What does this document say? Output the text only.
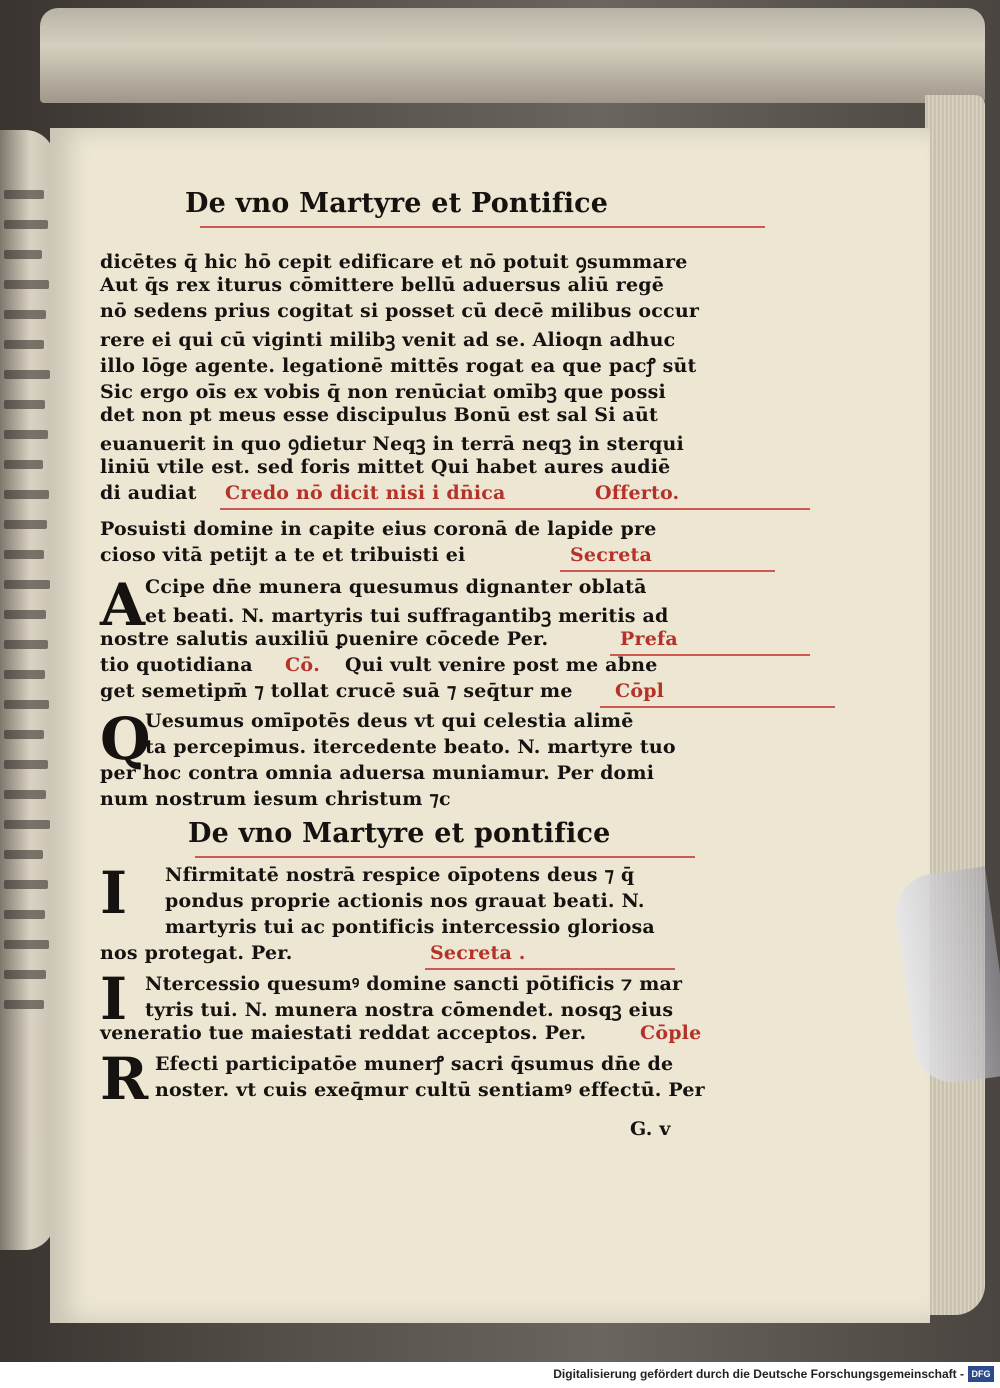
De vno Martyre et Pontifice
dicētes q̄ hic hō cepit edificare et nō potuit ꝯsummare
Aut q̄s rex iturus cōmittere bellū aduersus aliū regē
nō sedens prius cogitat si posset cū decē milibus occur
rere ei qui cū viginti milibꝫ venit ad se. Alioqn adhuc
illo lōge agente. legationē mittēs rogat ea que pacꝭ sūt
Sic ergo oīs ex vobis q̄ non renūciat omībꝫ que possi
det non pt meus esse discipulus Bonū est sal Si aūt
euanuerit in quo ꝯdietur Neqꝫ in terrā neqꝫ in sterqui
liniū vtile est. sed foris mittet Qui habet aures audiē
di audiat Credo nō dicit nisi i dn̄ica	Offerto.
Posuisti domine in capite eius coronā de lapide pre
cioso vitā petijt a te et tribuisti ei	Secreta
A Ccipe dn̄e munera quesumus dignanter oblatā
et beati. N. martyris tui suffragantibꝫ meritis ad
nostre salutis auxiliū ꝑuenire cōcede Per.	Prefa
tio quotidiana Cō. Qui vult venire post me abne
get semetipm̄ ⁊ tollat crucē suā ⁊ seq̄tur me Cōpl
Q
Uesumus omīpotēs deus vt qui celestia alimē
ta percepimus. itercedente beato. N. martyre tuo
per hoc contra omnia aduersa muniamur. Per domi
num nostrum iesum christum ⁊c
De vno Martyre et pontifice
I Nfirmitatē nostrā respice oīpotens deus ⁊ q̄
pondus proprie actionis nos grauat beati. N.
martyris tui ac pontificis intercessio gloriosa
nos protegat. Per.	Secreta .
I Ntercessio quesumꝰ domine sancti pōtificis ⁊ mar
tyris tui. N. munera nostra cōmendet. nosqꝫ eius
veneratio tue maiestati reddat acceptos. Per.	Cōple
R Efecti participatōe munerꝭ sacri q̄sumus dn̄e de
noster. vt cuis exeq̄mur cultū sentiamꝰ effectū. Per
G. v
Digitalisierung gefördert durch die Deutsche Forschungsgemeinschaft - DFG
